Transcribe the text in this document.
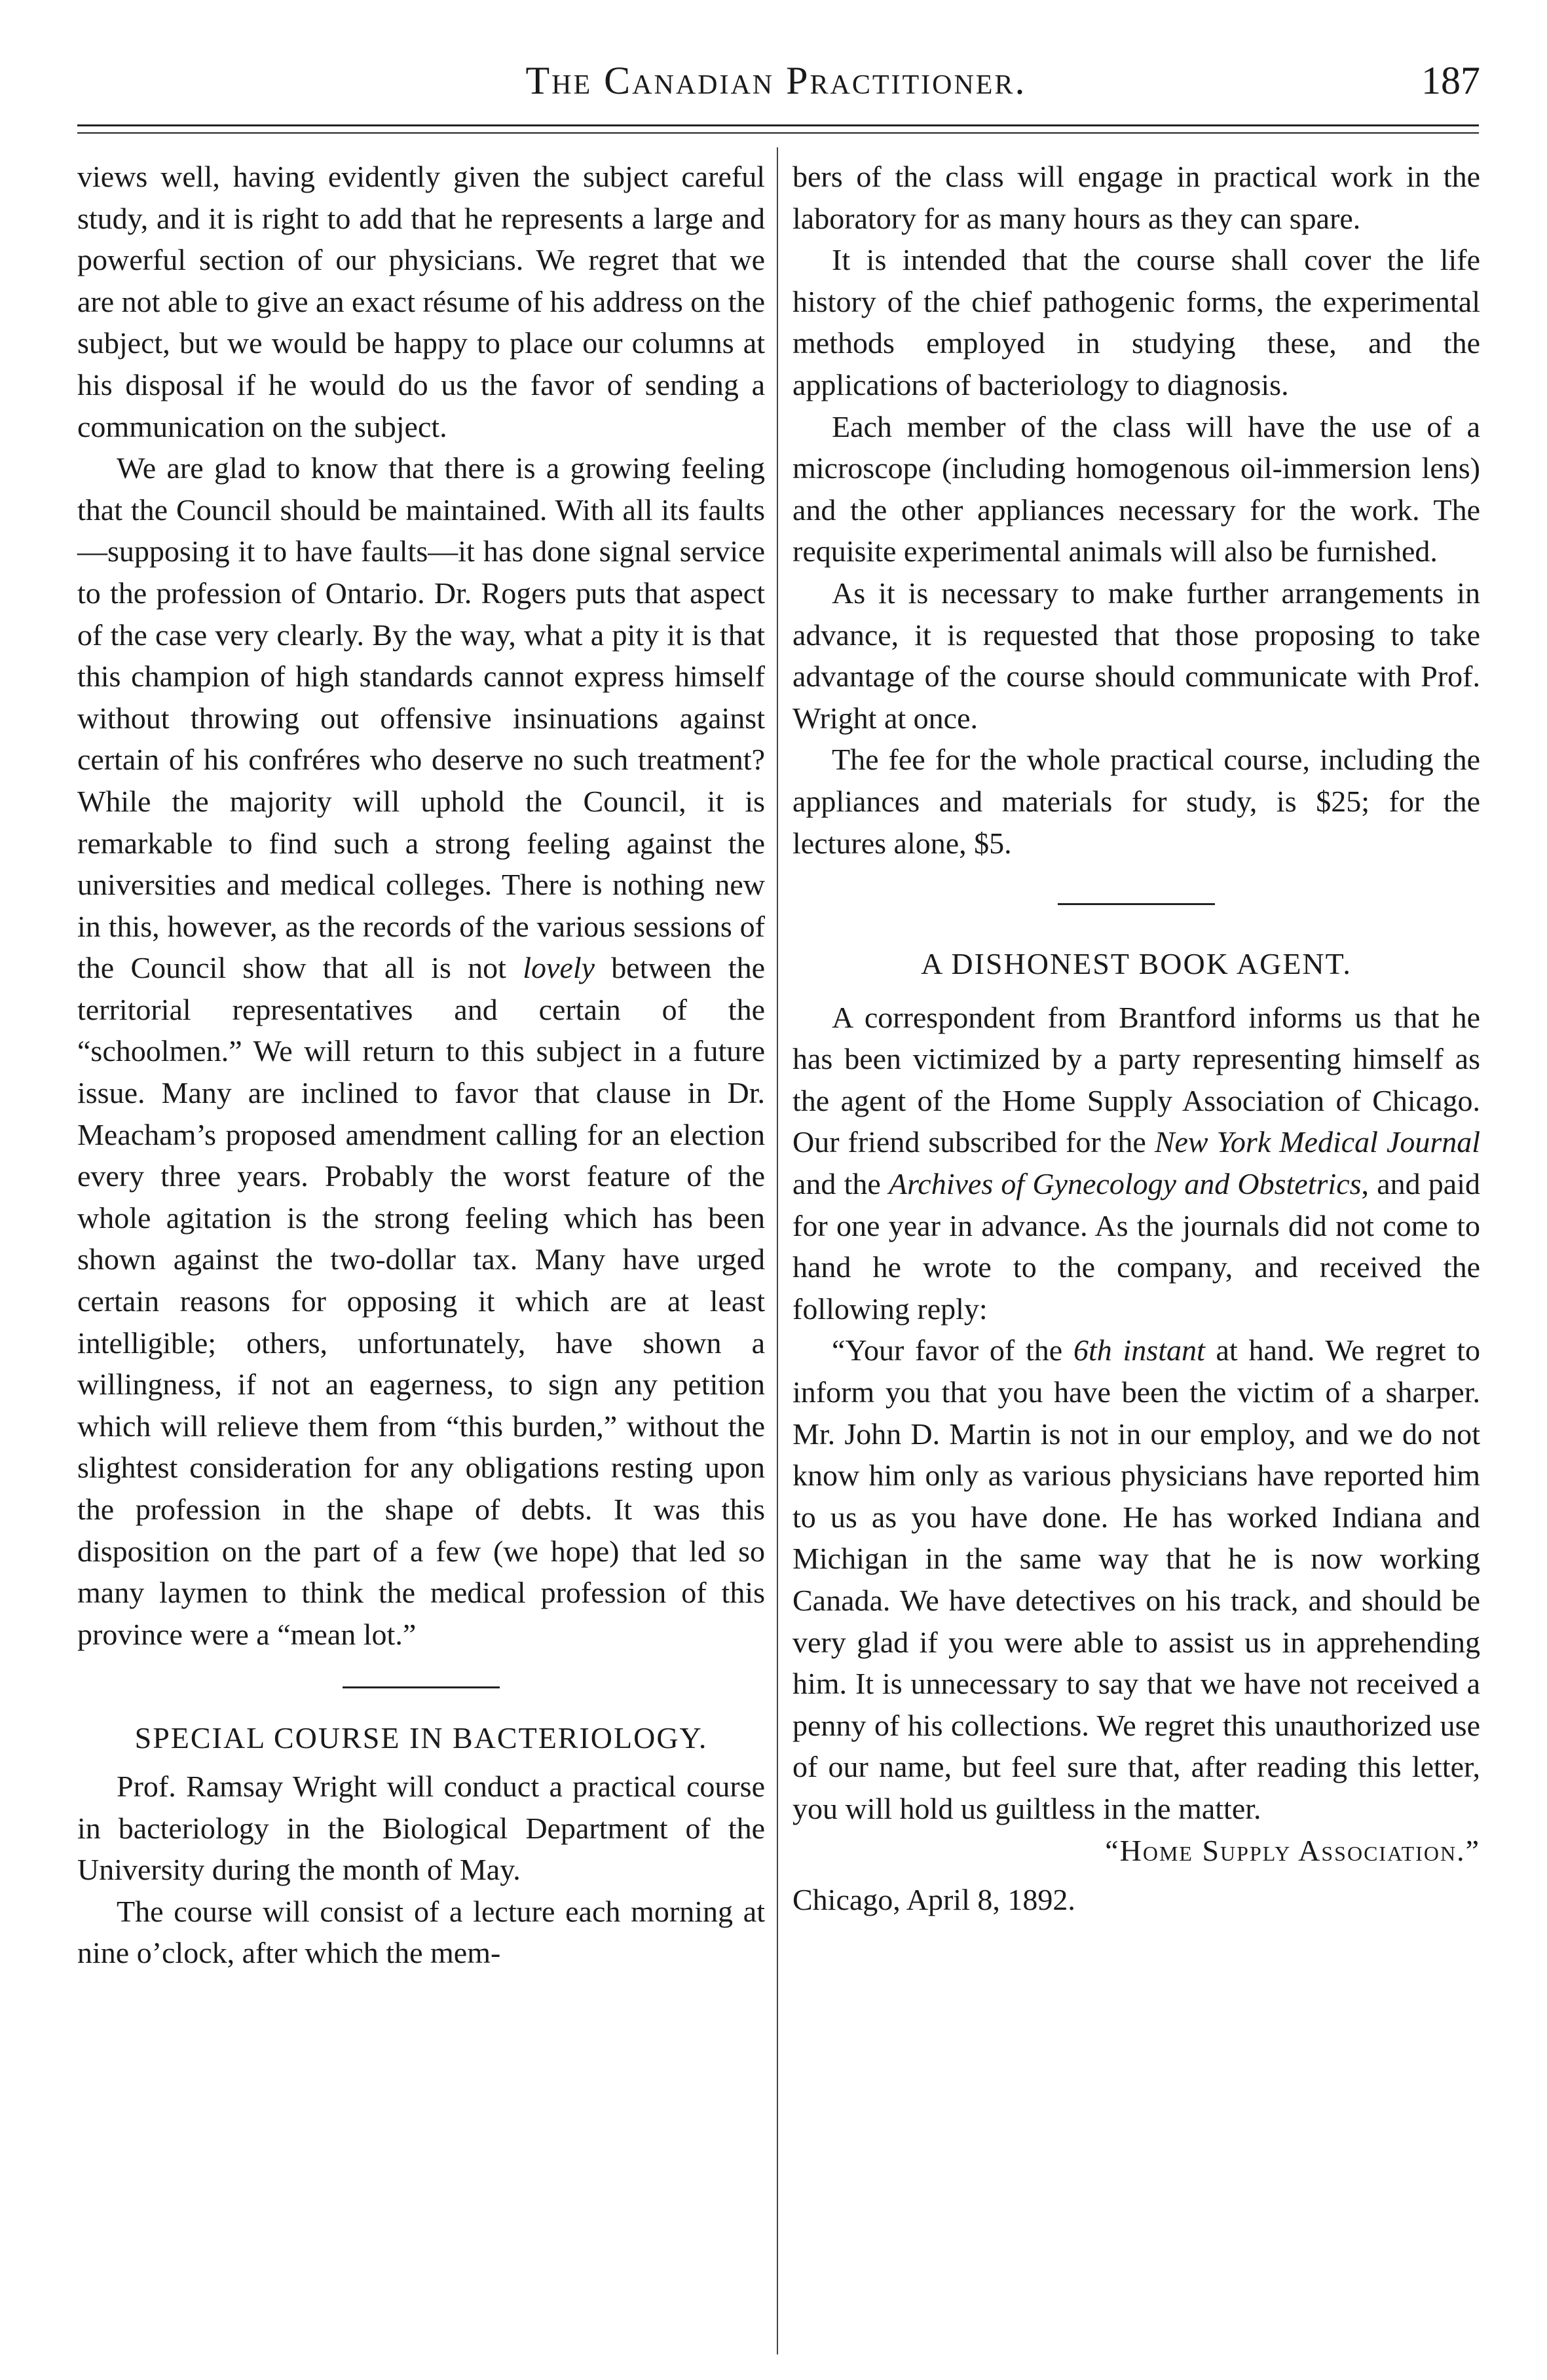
The Canadian Practitioner.	187

views well, having evidently given the subject careful study, and it is right to add that he represents a large and powerful section of our physicians. We regret that we are not able to give an exact résume of his address on the subject, but we would be happy to place our columns at his disposal if he would do us the favor of sending a communication on the subject.

We are glad to know that there is a growing feeling that the Council should be maintained. With all its faults—supposing it to have faults—it has done signal service to the profession of Ontario. Dr. Rogers puts that aspect of the case very clearly. By the way, what a pity it is that this champion of high standards cannot express himself without throwing out offensive insinuations against certain of his confréres who deserve no such treatment? While the majority will uphold the Council, it is remarkable to find such a strong feeling against the universities and medical colleges. There is nothing new in this, however, as the records of the various sessions of the Council show that all is not lovely between the territorial representatives and certain of the “schoolmen.” We will return to this subject in a future issue. Many are inclined to favor that clause in Dr. Meacham’s proposed amendment calling for an election every three years. Probably the worst feature of the whole agitation is the strong feeling which has been shown against the two-dollar tax. Many have urged certain reasons for opposing it which are at least intelligible; others, unfortunately, have shown a willingness, if not an eagerness, to sign any petition which will relieve them from “this burden,” without the slightest consideration for any obligations resting upon the profession in the shape of debts. It was this disposition on the part of a few (we hope) that led so many laymen to think the medical profession of this province were a “mean lot.”

SPECIAL COURSE IN BACTERIOLOGY.

Prof. Ramsay Wright will conduct a practical course in bacteriology in the Biological Department of the University during the month of May.

The course will consist of a lecture each morning at nine o’clock, after which the mem-

bers of the class will engage in practical work in the laboratory for as many hours as they can spare.

It is intended that the course shall cover the life history of the chief pathogenic forms, the experimental methods employed in studying these, and the applications of bacteriology to diagnosis.

Each member of the class will have the use of a microscope (including homogenous oil-immersion lens) and the other appliances necessary for the work. The requisite experimental animals will also be furnished.

As it is necessary to make further arrangements in advance, it is requested that those proposing to take advantage of the course should communicate with Prof. Wright at once.

The fee for the whole practical course, including the appliances and materials for study, is $25; for the lectures alone, $5.

A DISHONEST BOOK AGENT.

A correspondent from Brantford informs us that he has been victimized by a party representing himself as the agent of the Home Supply Association of Chicago. Our friend subscribed for the New York Medical Journal and the Archives of Gynecology and Obstetrics, and paid for one year in advance. As the journals did not come to hand he wrote to the company, and received the following reply:

“Your favor of the 6th instant at hand. We regret to inform you that you have been the victim of a sharper. Mr. John D. Martin is not in our employ, and we do not know him only as various physicians have reported him to us as you have done. He has worked Indiana and Michigan in the same way that he is now working Canada. We have detectives on his track, and should be very glad if you were able to assist us in apprehending him. It is unnecessary to say that we have not received a penny of his collections. We regret this unauthorized use of our name, but feel sure that, after reading this letter, you will hold us guiltless in the matter.

“Home Supply Association.”

Chicago, April 8, 1892.
